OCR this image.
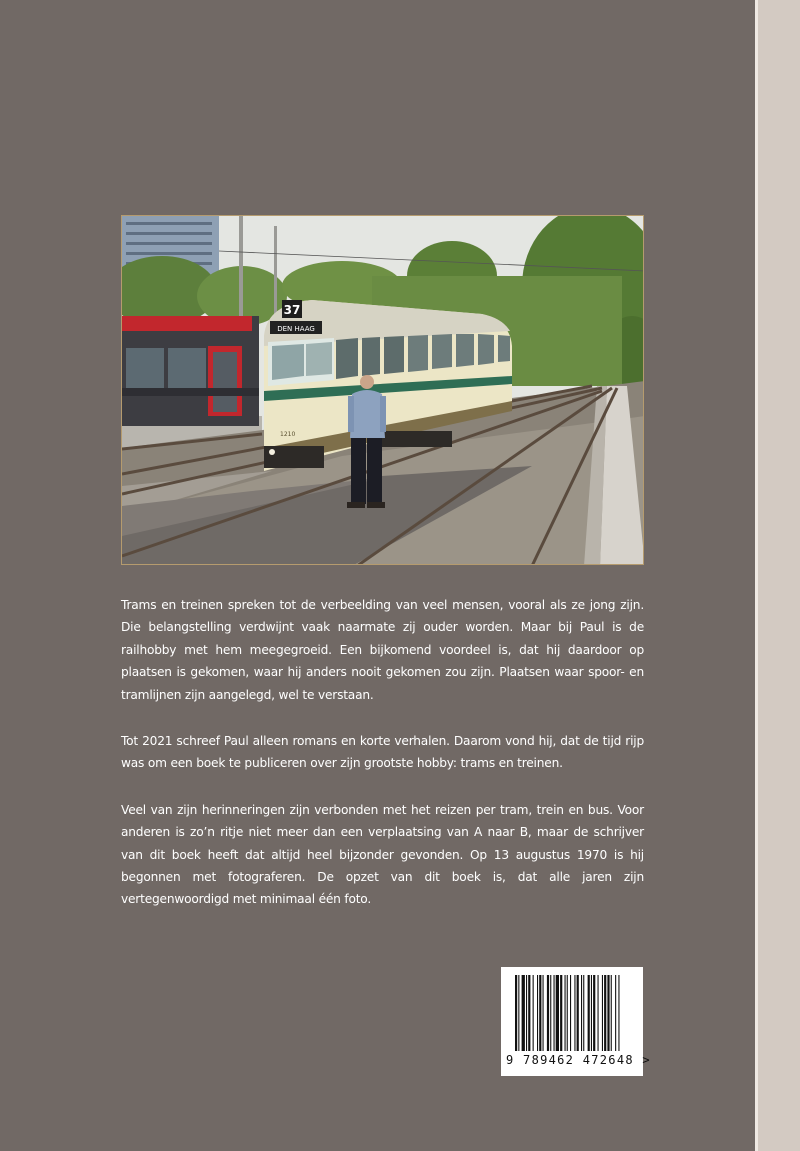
DEN HAAG
37
1210

Trams en treinen spreken tot de verbeelding van veel mensen, vooral als ze jong zijn. Die belangstelling verdwijnt vaak naarmate zij ouder worden. Maar bij Paul is de railhobby met hem meegegroeid. Een bijkomend voordeel is, dat hij daardoor op plaatsen is gekomen, waar hij anders nooit gekomen zou zijn. Plaatsen waar spoor- en tramlijnen zijn aangelegd, wel te verstaan.

Tot 2021 schreef Paul alleen romans en korte verhalen. Daarom vond hij, dat de tijd rijp was om een boek te publiceren over zijn grootste hobby: trams en treinen.

Veel van zijn herinneringen zijn verbonden met het reizen per tram, trein en bus. Voor anderen is zo’n ritje niet meer dan een verplaatsing van A naar B, maar de schrijver van dit boek heeft dat altijd heel bijzonder gevonden. Op 13 augustus 1970 is hij begonnen met fotograferen. De opzet van dit boek is, dat alle jaren zijn vertegenwoordigd met minimaal één foto.

9 789462 472648 >
